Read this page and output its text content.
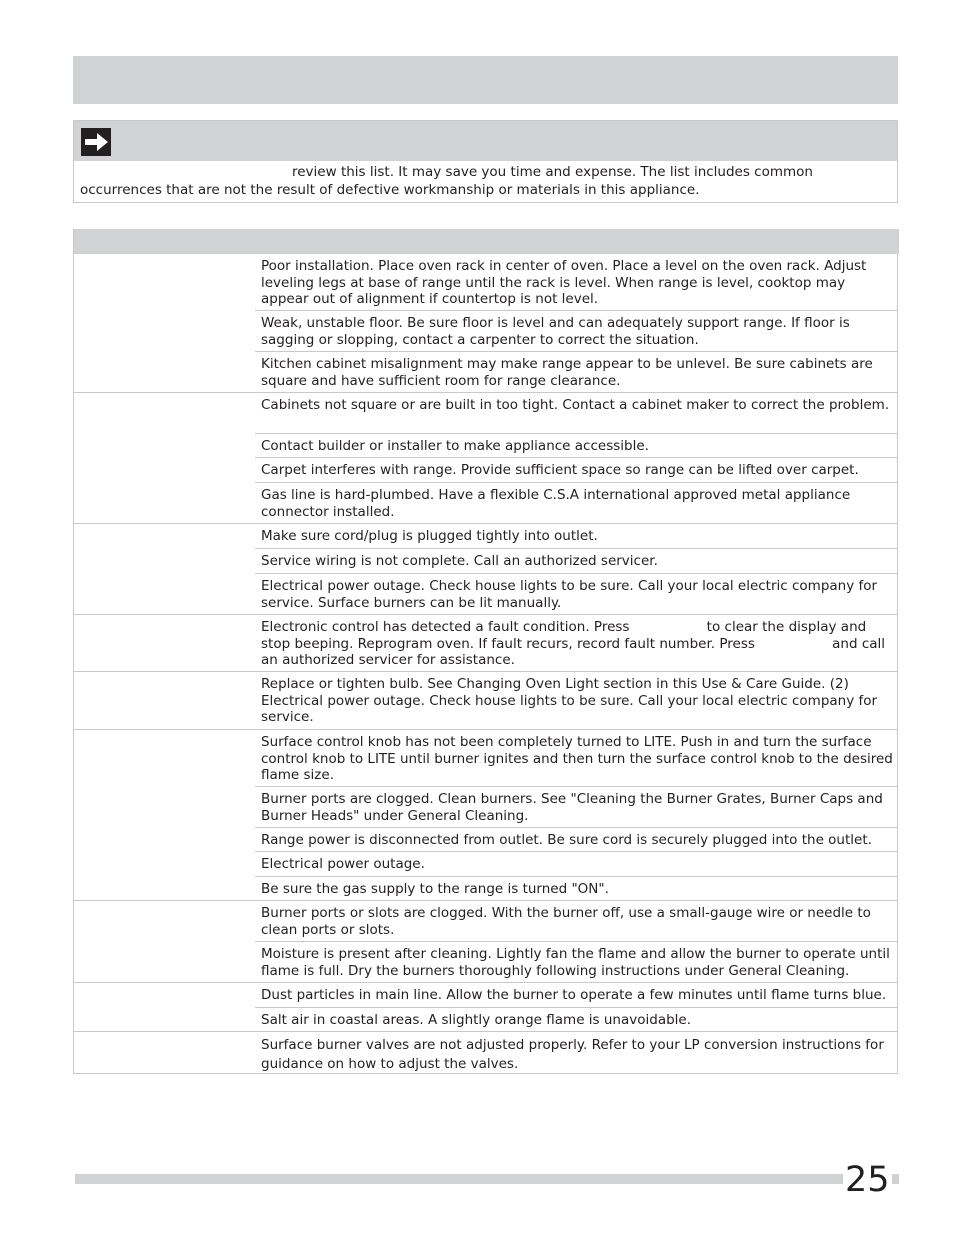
review this list. It may save you time and expense. The list includes common
occurrences that are not the result of defective workmanship or materials in this appliance.
Poor installation. Place oven rack in center of oven. Place a level on the oven rack. Adjust leveling legs at base of range until the rack is level. When range is level, cooktop may appear out of alignment if countertop is not level.
Weak, unstable floor. Be sure floor is level and can adequately support range. If floor is sagging or slopping, contact a carpenter to correct the situation.
Kitchen cabinet misalignment may make range appear to be unlevel. Be sure cabinets are square and have sufficient room for range clearance.
Cabinets not square or are built in too tight. Contact a cabinet maker to correct the problem.
Contact builder or installer to make appliance accessible.
Carpet interferes with range. Provide sufficient space so range can be lifted over carpet.
Gas line is hard-plumbed. Have a flexible C.S.A international approved metal appliance connector installed.
Make sure cord/plug is plugged tightly into outlet.
Service wiring is not complete. Call an authorized servicer.
Electrical power outage. Check house lights to be sure. Call your local electric company for service. Surface burners can be lit manually.
Electronic control has detected a fault condition. Press                  to clear the display and stop beeping. Reprogram oven. If fault recurs, record fault number. Press                  and call an authorized servicer for assistance.
Replace or tighten bulb. See Changing Oven Light section in this Use & Care Guide. (2) Electrical power outage. Check house lights to be sure. Call your local electric company for service.
Surface control knob has not been completely turned to LITE. Push in and turn the surface control knob to LITE until burner ignites and then turn the surface control knob to the desired flame size.
Burner ports are clogged. Clean burners. See "Cleaning the Burner Grates, Burner Caps and Burner Heads" under General Cleaning.
Range power is disconnected from outlet. Be sure cord is securely plugged into the outlet.
Electrical power outage.
Be sure the gas supply to the range is turned "ON".
Burner ports or slots are clogged. With the burner off, use a small-gauge wire or needle to clean ports or slots.
Moisture is present after cleaning. Lightly fan the flame and allow the burner to operate until flame is full. Dry the burners thoroughly following instructions under General Cleaning.
Dust particles in main line. Allow the burner to operate a few minutes until flame turns blue.
Salt air in coastal areas. A slightly orange flame is unavoidable.
Surface burner valves are not adjusted properly. Refer to your LP conversion instructions for guidance on how to adjust the valves.
25
